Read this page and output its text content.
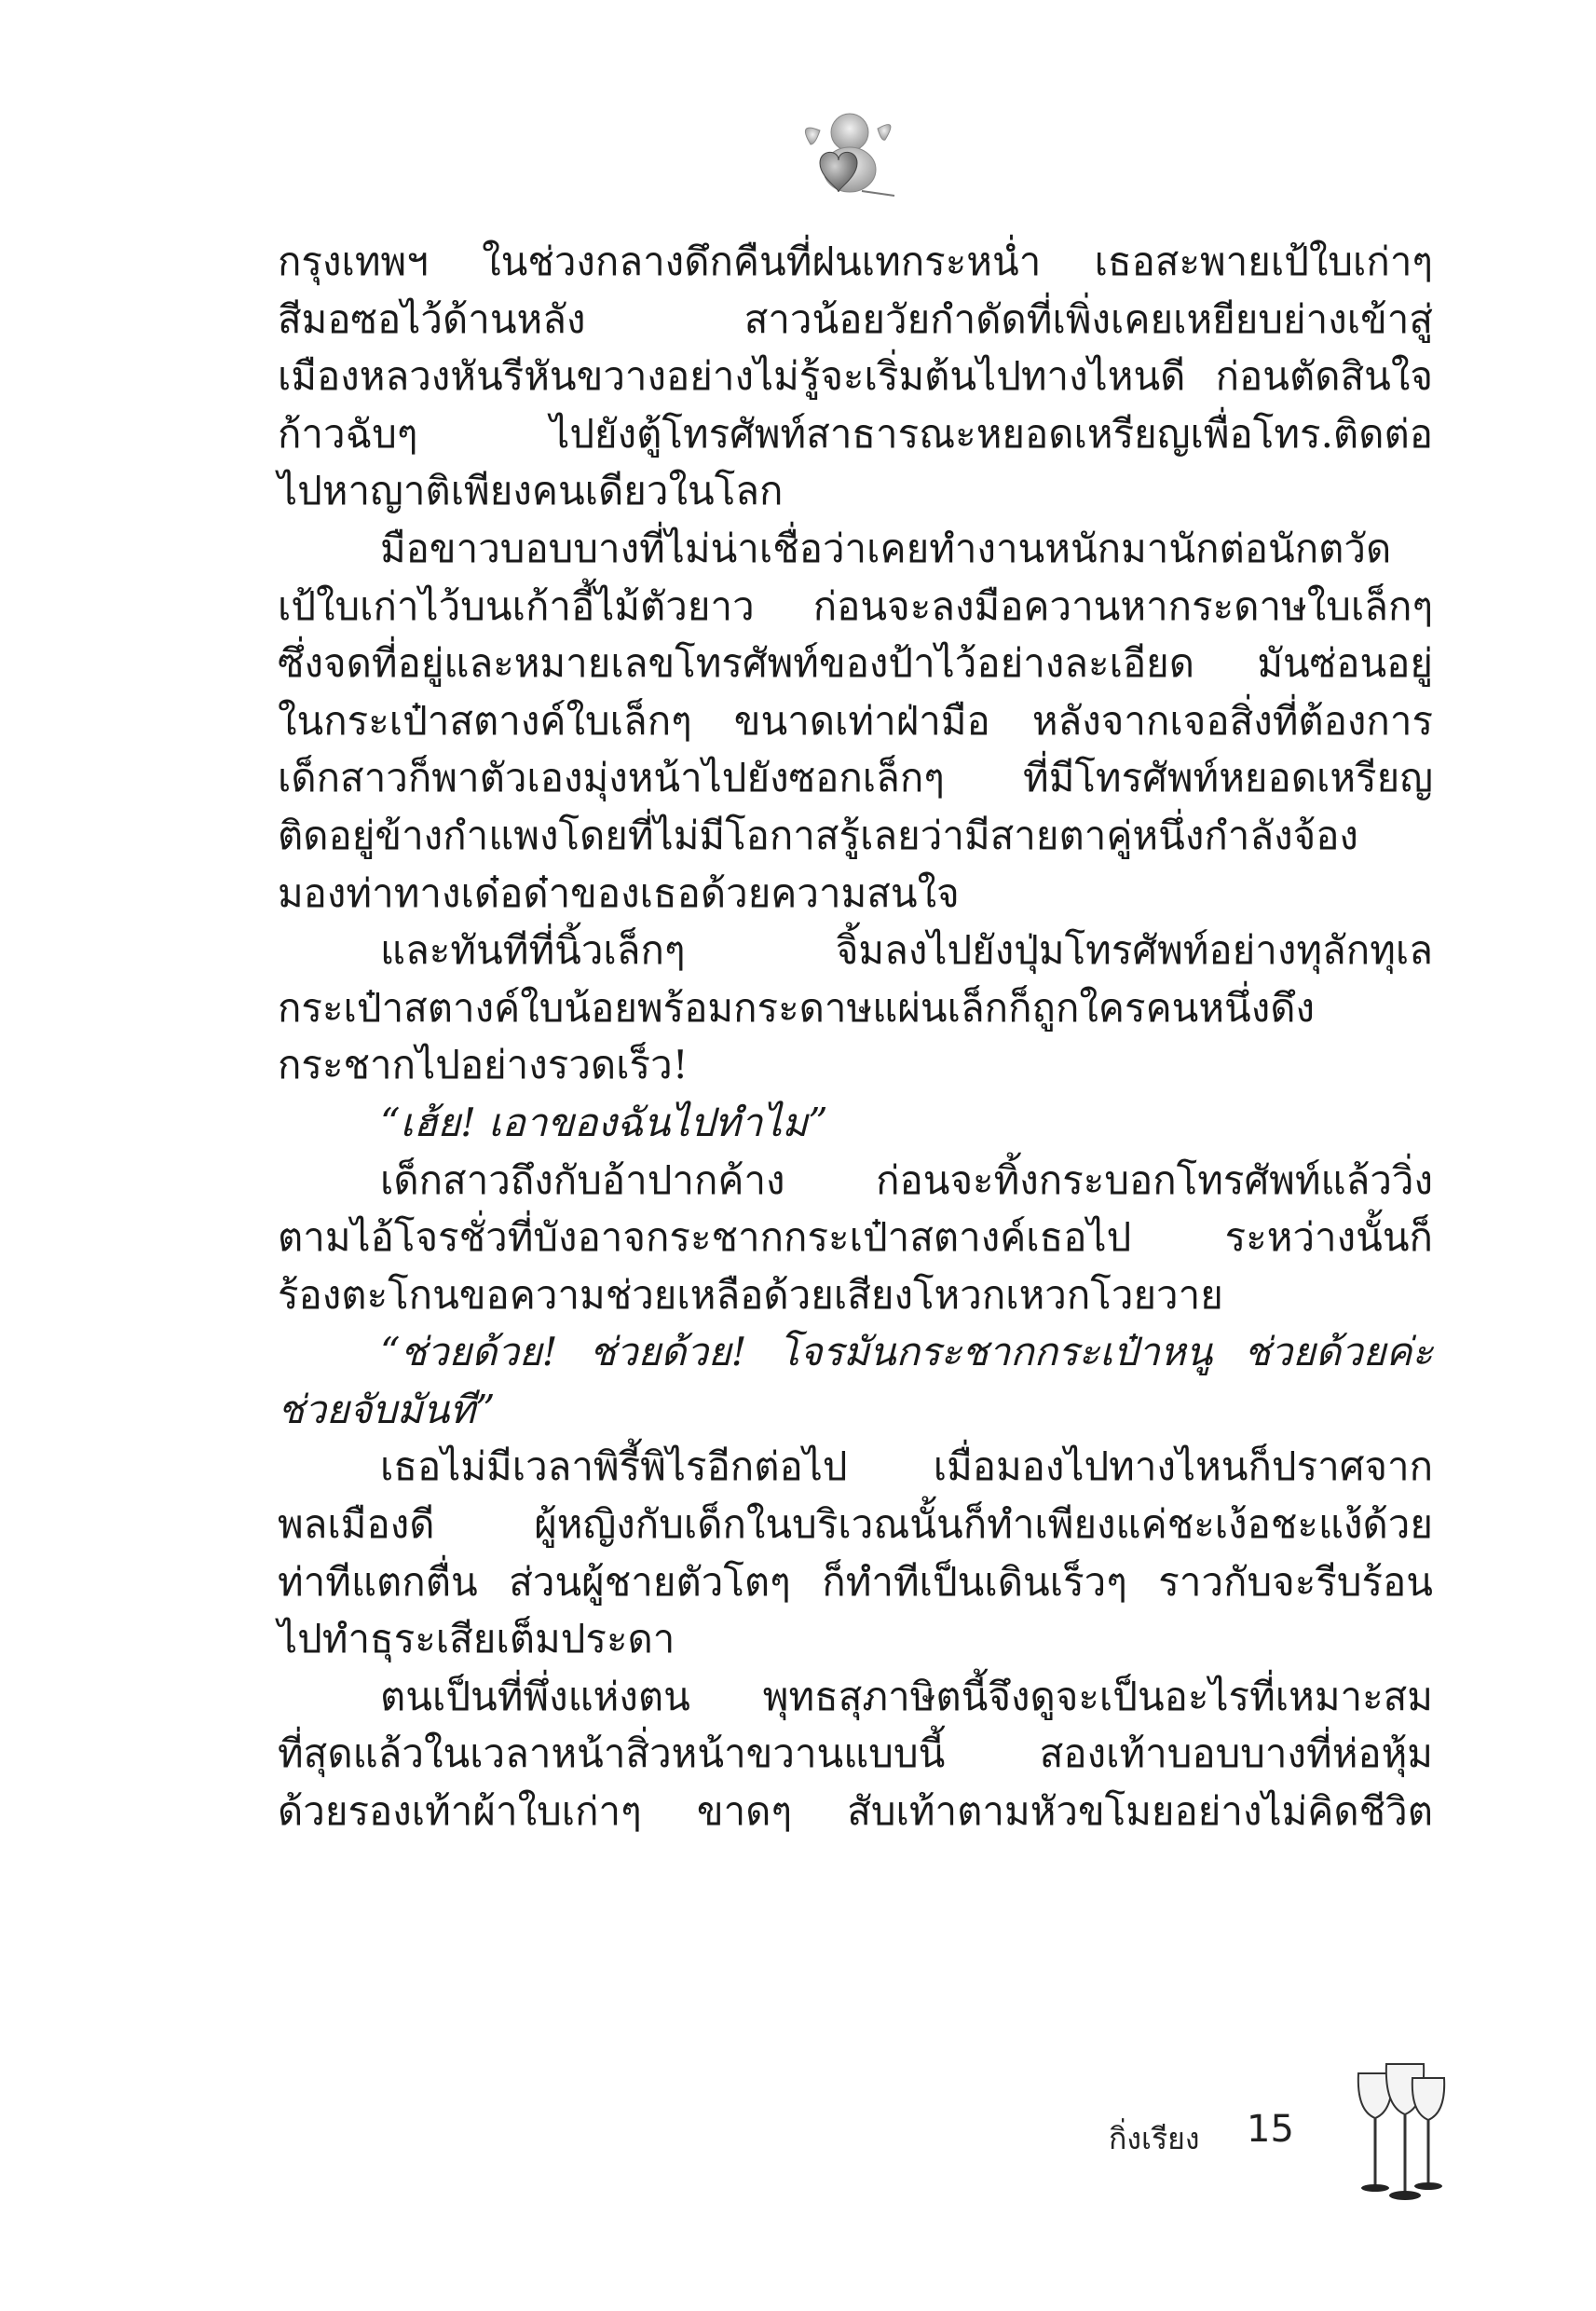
กรุงเทพฯ ในช่วงกลางดึกคืนที่ฝนเทกระหน่ำ เธอสะพายเป้ใบเก่าๆ
สีมอซอไว้ด้านหลัง สาวน้อยวัยกำดัดที่เพิ่งเคยเหยียบย่างเข้าสู่
เมืองหลวงหันรีหันขวางอย่างไม่รู้จะเริ่มต้นไปทางไหนดี ก่อนตัดสินใจ
ก้าวฉับๆ ไปยังตู้โทรศัพท์สาธารณะหยอดเหรียญเพื่อโทร.ติดต่อ
ไปหาญาติเพียงคนเดียวในโลก
มือขาวบอบบางที่ไม่น่าเชื่อว่าเคยทำงานหนักมานักต่อนักตวัด
เป้ใบเก่าไว้บนเก้าอี้ไม้ตัวยาว ก่อนจะลงมือควานหากระดาษใบเล็กๆ
ซึ่งจดที่อยู่และหมายเลขโทรศัพท์ของป้าไว้อย่างละเอียด มันซ่อนอยู่
ในกระเป๋าสตางค์ใบเล็กๆ ขนาดเท่าฝ่ามือ หลังจากเจอสิ่งที่ต้องการ
เด็กสาวก็พาตัวเองมุ่งหน้าไปยังซอกเล็กๆ ที่มีโทรศัพท์หยอดเหรียญ
ติดอยู่ข้างกำแพงโดยที่ไม่มีโอกาสรู้เลยว่ามีสายตาคู่หนึ่งกำลังจ้อง
มองท่าทางเด๋อด๋าของเธอด้วยความสนใจ
และทันทีที่นิ้วเล็กๆ จิ้มลงไปยังปุ่มโทรศัพท์อย่างทุลักทุเล
กระเป๋าสตางค์ใบน้อยพร้อมกระดาษแผ่นเล็กก็ถูกใครคนหนึ่งดึง
กระชากไปอย่างรวดเร็ว!
“เฮ้ย! เอาของฉันไปทำไม”
เด็กสาวถึงกับอ้าปากค้าง ก่อนจะทิ้งกระบอกโทรศัพท์แล้ววิ่ง
ตามไอ้โจรชั่วที่บังอาจกระชากกระเป๋าสตางค์เธอไป ระหว่างนั้นก็
ร้องตะโกนขอความช่วยเหลือด้วยเสียงโหวกเหวกโวยวาย
“ช่วยด้วย! ช่วยด้วย! โจรมันกระชากกระเป๋าหนู ช่วยด้วยค่ะ
ช่วยจับมันที”
เธอไม่มีเวลาพิรี้พิไรอีกต่อไป เมื่อมองไปทางไหนก็ปราศจาก
พลเมืองดี ผู้หญิงกับเด็กในบริเวณนั้นก็ทำเพียงแค่ชะเง้อชะแง้ด้วย
ท่าทีแตกตื่น ส่วนผู้ชายตัวโตๆ ก็ทำทีเป็นเดินเร็วๆ ราวกับจะรีบร้อน
ไปทำธุระเสียเต็มประดา
ตนเป็นที่พึ่งแห่งตน พุทธสุภาษิตนี้จึงดูจะเป็นอะไรที่เหมาะสม
ที่สุดแล้วในเวลาหน้าสิ่วหน้าขวานแบบนี้ สองเท้าบอบบางที่ห่อหุ้ม
ด้วยรองเท้าผ้าใบเก่าๆ ขาดๆ สับเท้าตามหัวขโมยอย่างไม่คิดชีวิต
กิ่งเรียง 15
